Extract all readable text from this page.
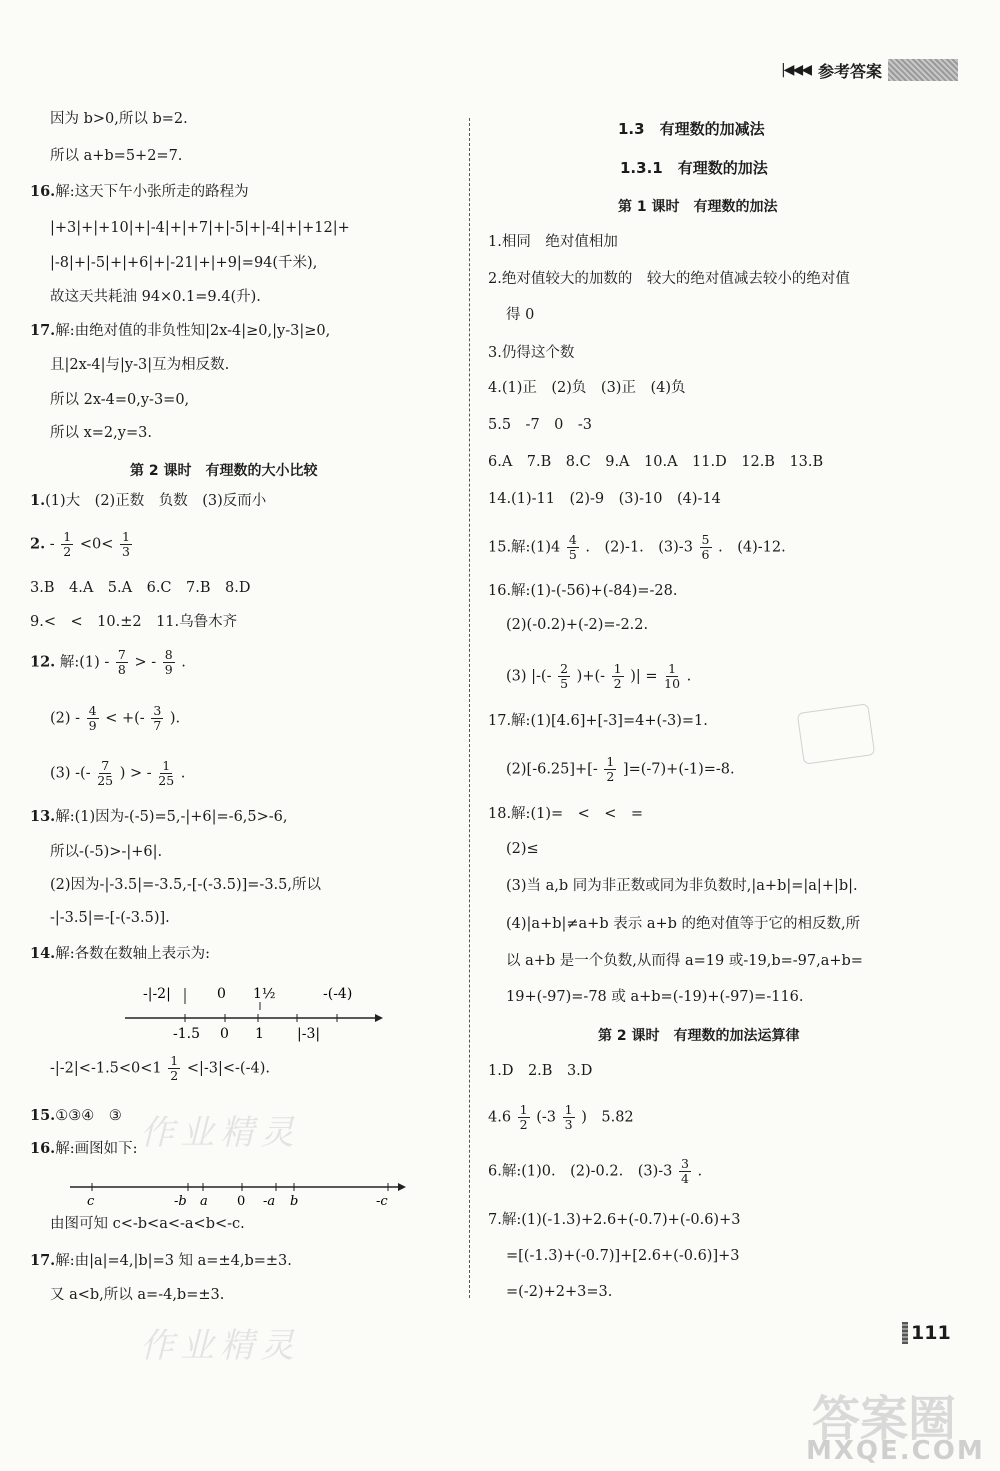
|◀◀◀ 参考答案
因为 b>0,所以 b=2.
所以 a+b=5+2=7.
16.解:这天下午小张所走的路程为
|+3|+|+10|+|-4|+|+7|+|-5|+|-4|+|+12|+
|-8|+|-5|+|+6|+|-21|+|+9|=94(千米),
故这天共耗油 94×0.1=9.4(升).
17.解:由绝对值的非负性知|2x-4|≥0,|y-3|≥0,
且|2x-4|与|y-3|互为相反数.
所以 2x-4=0,y-3=0,
所以 x=2,y=3.
第 2 课时　有理数的大小比较
1.(1)大　(2)正数　负数　(3)反而小
2. - $\frac{1}{2} <0< \frac{1}{3}$
3.B　4.A　5.A　6.C　7.B　8.D
9.<　<　10.±2　11.乌鲁木齐
12. 解:(1) - $\frac{7}{8}$ > - $\frac{8}{9}$ .
$(2) - \frac{4}{9}$ < +(- $\frac{3}{7}$ ).
(3) -(- $\frac{7}{25}$ ) > - $\frac{1}{25}$ .
13.解:(1)因为-(-5)=5,-|+6|=-6,5>-6,
所以-(-5)>-|+6|.
(2)因为-|-3.5|=-3.5,-[-(-3.5)]=-3.5,所以
-|-3.5|=-[-(-3.5)].
14.解:各数在数轴上表示为:
-|-2|	0 1½	-(-4)
-1.5 0 1 |-3|
$-|-2|<-1.5<0<1 \frac{1}{2} <|-3|<-(-4)$.
15.①③④　③
16.解:画图如下:
c	-b a 0 -a b	-c
由图可知 c<-b<a<-a<b<-c.
17.解:由|a|=4,|b|=3 知 a=±4,b=±3.
又 a<b,所以 a=-4,b=±3.
1.3　有理数的加减法
1.3.1　有理数的加法
第 1 课时　有理数的加法
1.相同　绝对值相加
2.绝对值较大的加数的　较大的绝对值减去较小的绝对值
得 0
3.仍得这个数
4.(1)正　(2)负　(3)正　(4)负
5.5　-7　0　-3
6.A　7.B　8.C　9.A　10.A　11.D　12.B　13.B
14.(1)-11　(2)-9　(3)-10　(4)-14
15.解:(1)4 $\frac{4}{5}$ .　(2)-1.　$(3)-3 \frac{5}{6}$ .　(4)-12.
16.解:(1)-(-56)+(-84)=-28.
(2)(-0.2)+(-2)=-2.2.
(3) |-(- $\frac{2}{5}$ )+(- $\frac{1}{2}$ )| = $\frac{1}{10}$ .
17.解:(1)[4.6]+[-3]=4+(-3)=1.
$(2)[-6.25]+[- \frac{1}{2} ]=(-7)+(-1)=-8$.
18.解:(1)=　<　<　=
(2)≤
(3)当 a,b 同为非正数或同为非负数时,|a+b|=|a|+|b|.
(4)|a+b|≠a+b 表示 a+b 的绝对值等于它的相反数,所
以 a+b 是一个负数,从而得 a=19 或-19,b=-97,a+b=
19+(-97)=-78 或 a+b=(-19)+(-97)=-116.
第 2 课时　有理数的加法运算律
1.D　2.B　3.D
$4.6 \frac{1}{2} (-3 \frac{1}{3}$ )　5.82
6.解:(1)0.　(2)-0.2.　$(3)-3 \frac{3}{4}$ .
7.解:(1)(-1.3)+2.6+(-0.7)+(-0.6)+3
=[(-1.3)+(-0.7)]+[2.6+(-0.6)]+3
=(-2)+2+3=3.
111
作业精灵
作业精灵
答案圈
MXQE.COM
